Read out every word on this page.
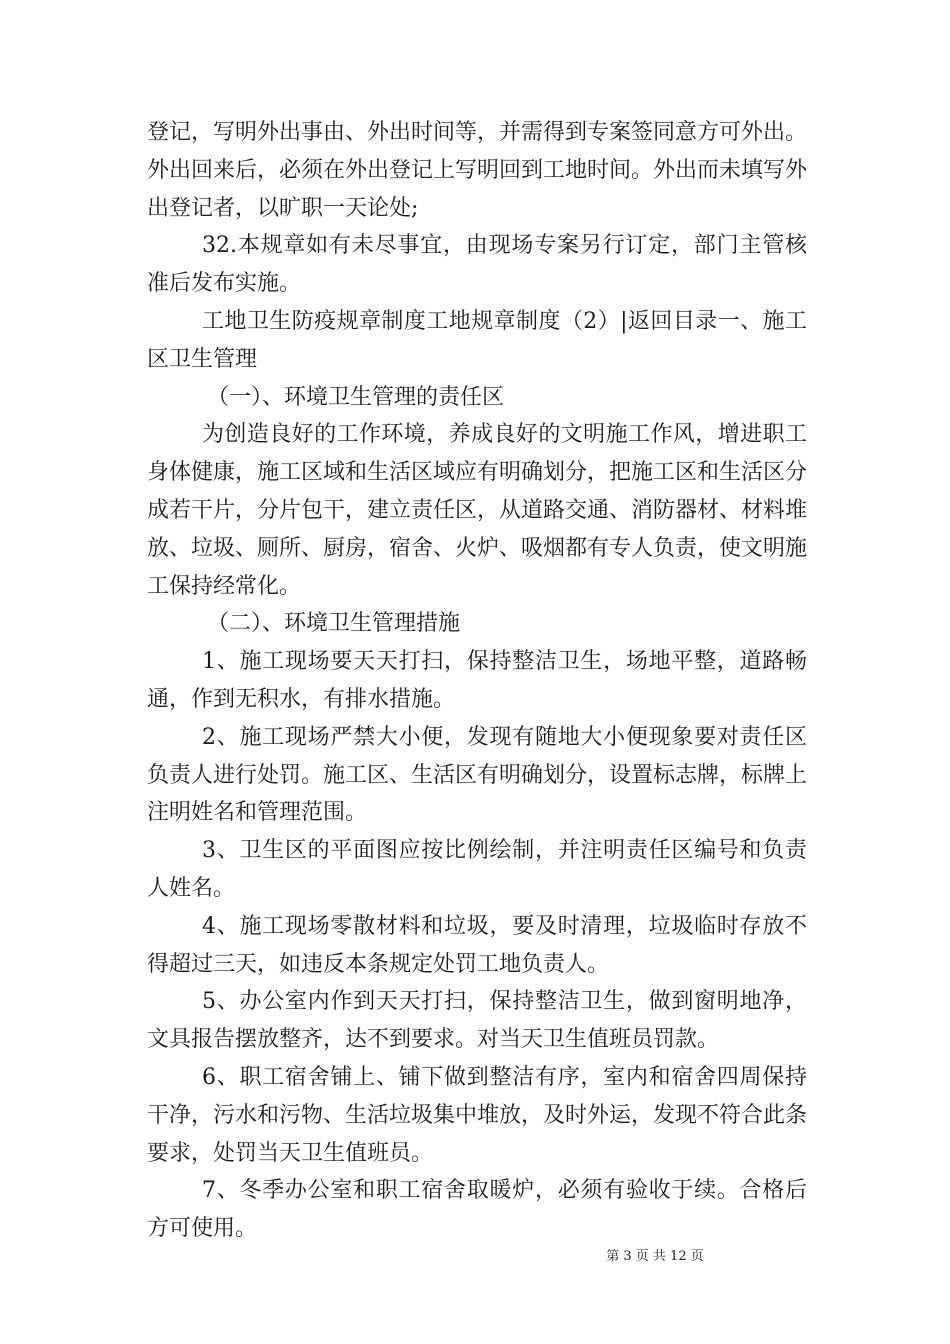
登记，写明外出事由、外出时间等，并需得到专案签同意方可外出。外出回来后，必须在外出登记上写明回到工地时间。外出而未填写外出登记者，以旷职一天论处;

32.本规章如有未尽事宜，由现场专案另行订定，部门主管核准后发布实施。

工地卫生防疫规章制度工地规章制度（2）|返回目录一、施工区卫生管理

（一）、环境卫生管理的责任区

为创造良好的工作环境，养成良好的文明施工作风，增进职工身体健康，施工区域和生活区域应有明确划分，把施工区和生活区分成若干片，分片包干，建立责任区，从道路交通、消防器材、材料堆放、垃圾、厕所、厨房，宿舍、火炉、吸烟都有专人负责，使文明施工保持经常化。

（二）、环境卫生管理措施

1、施工现场要天天打扫，保持整洁卫生，场地平整，道路畅通，作到无积水，有排水措施。

2、施工现场严禁大小便，发现有随地大小便现象要对责任区负责人进行处罚。施工区、生活区有明确划分，设置标志牌，标牌上注明姓名和管理范围。

3、卫生区的平面图应按比例绘制，并注明责任区编号和负责人姓名。

4、施工现场零散材料和垃圾，要及时清理，垃圾临时存放不得超过三天，如违反本条规定处罚工地负责人。

5、办公室内作到天天打扫，保持整洁卫生，做到窗明地净，文具报告摆放整齐，达不到要求。对当天卫生值班员罚款。

6、职工宿舍铺上、铺下做到整洁有序，室内和宿舍四周保持干净，污水和污物、生活垃圾集中堆放，及时外运，发现不符合此条要求，处罚当天卫生值班员。

7、冬季办公室和职工宿舍取暖炉，必须有验收于续。合格后方可使用。

第 3 页 共 12 页
